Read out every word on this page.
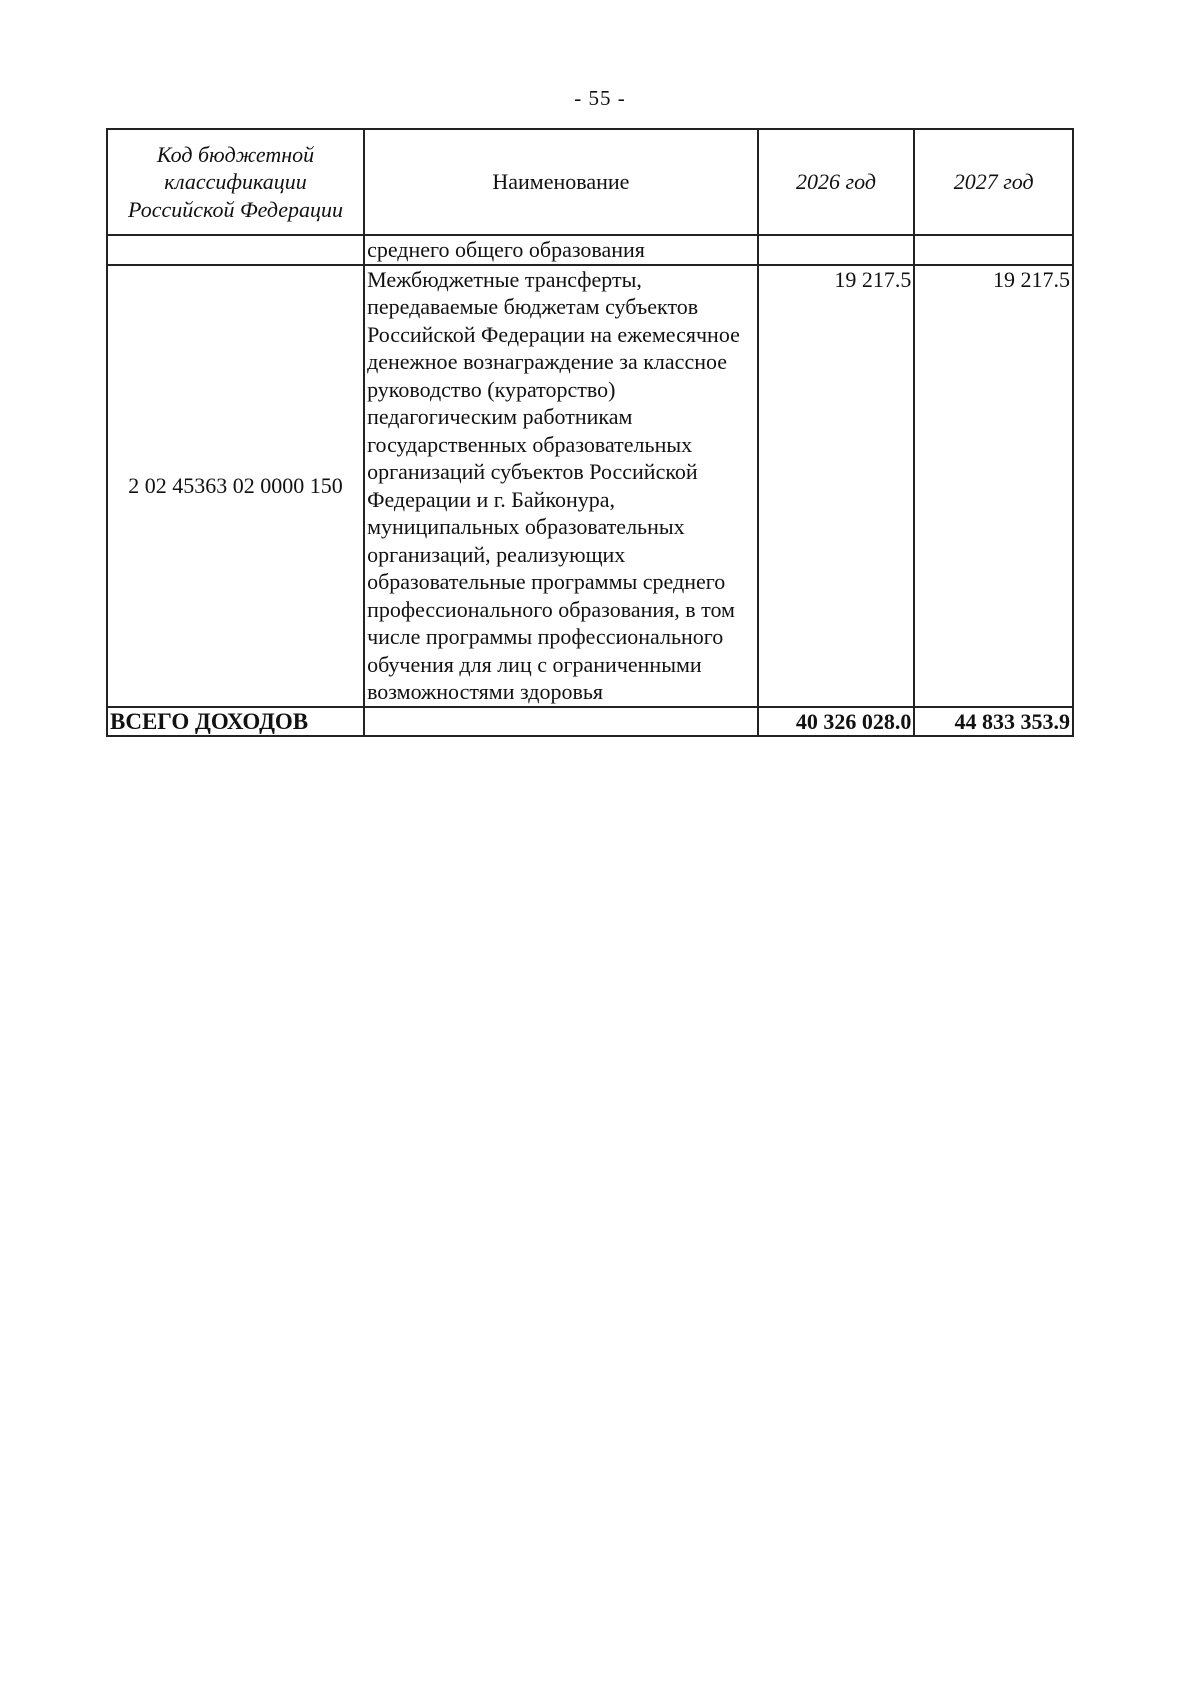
- 55 -
Код бюджетной классификации Российской Федерации	Наименование	2026 год	2027 год
	среднего общего образования		
2 02 45363 02 0000 150	Межбюджетные трансферты, передаваемые бюджетам субъектов Российской Федерации на ежемесячное денежное вознаграждение за классное руководство (кураторство) педагогическим работникам государственных образовательных организаций субъектов Российской Федерации и г. Байконура, муниципальных образовательных организаций, реализующих образовательные программы среднего профессионального образования, в том числе программы профессионального обучения для лиц с ограниченными возможностями здоровья	19 217.5	19 217.5
ВСЕГО ДОХОДОВ		40 326 028.0	44 833 353.9
